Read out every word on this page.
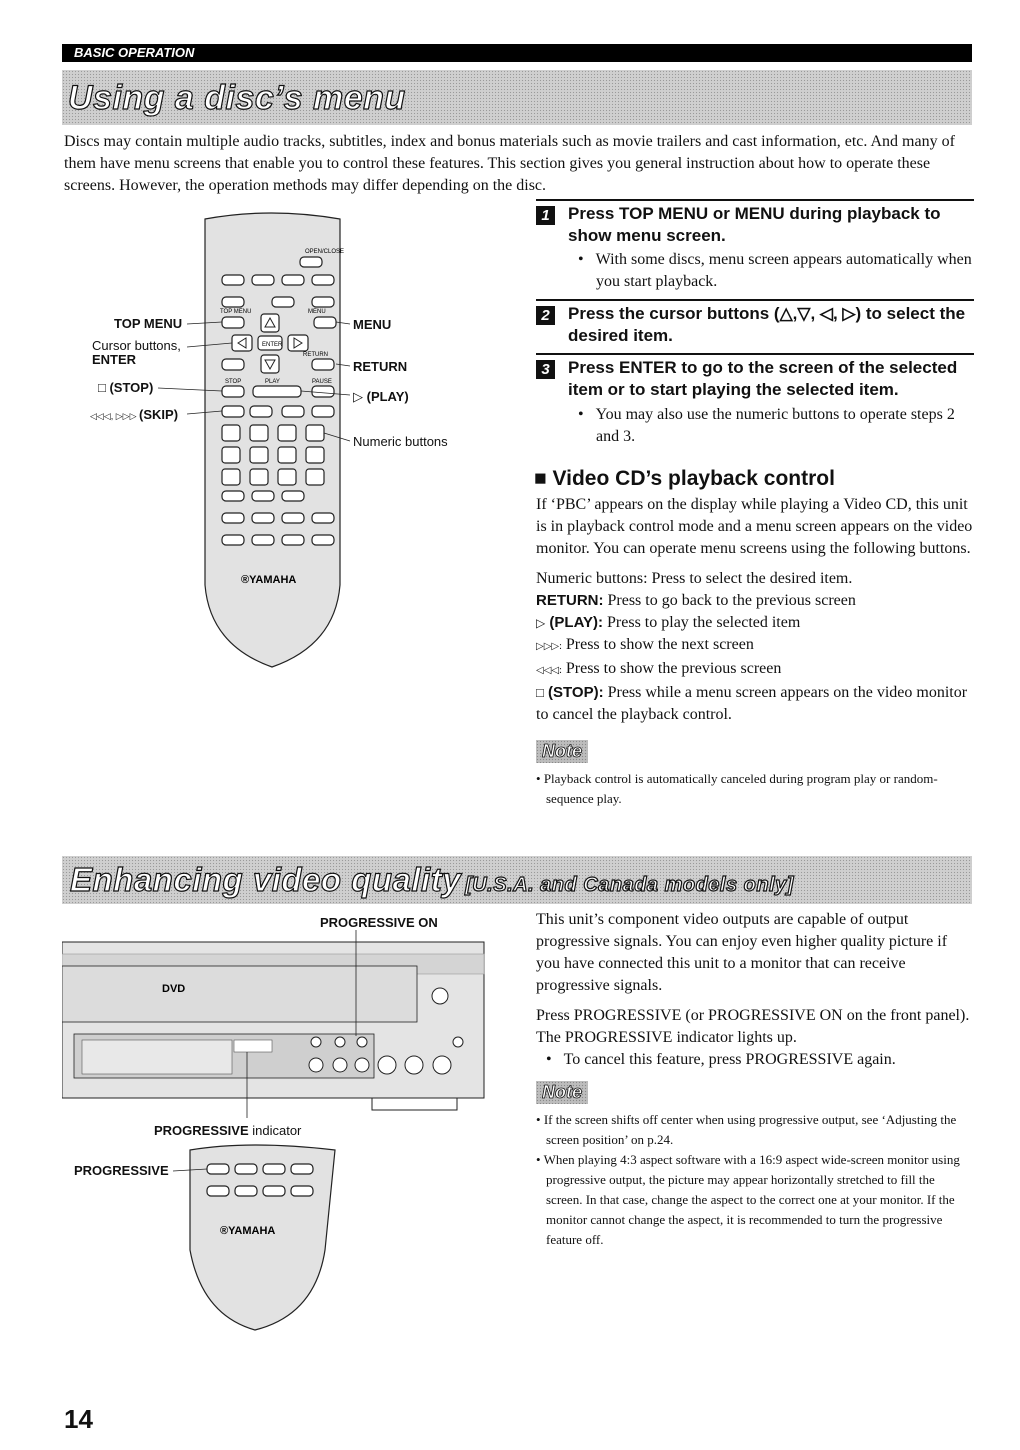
BASIC OPERATION
Using a disc’s menu
Discs may contain multiple audio tracks, subtitles, index and bonus materials such as movie trailers and cast information, etc. And many of them have menu screens that enable you to control these features. This section gives you general instruction about how to operate these screens. However, the operation methods may differ depending on the disc.
OPEN/CLOSE
TOP MENU	MENU
ENTER
RETURN
STOP	PLAY	PAUSE
®YAMAHA
TOP MENU
Cursor buttons,
ENTER
□ (STOP)
◁◁◁, ▷▷▷ (SKIP)
MENU
RETURN
▷ (PLAY)
Numeric buttons
1	Press TOP MENU or MENU during playback to show menu screen.
•   With some discs, menu screen appears automatically when you start playback.
2	Press the cursor buttons (△,▽, ◁, ▷) to select the desired item.
3	Press ENTER to go to the screen of the selected item or to start playing the selected item.
•   You may also use the numeric buttons to operate steps 2 and 3.
■ Video CD’s playback control
If ‘PBC’ appears on the display while playing a Video CD, this unit is in playback control mode and a menu screen appears on the video monitor. You can operate menu screens using the following buttons.
Numeric buttons: Press to select the desired item.
RETURN: Press to go back to the previous screen
▷ (PLAY): Press to play the selected item
▷▷▷: Press to show the next screen
◁◁◁: Press to show the previous screen
□ (STOP): Press while a menu screen appears on the video monitor to cancel the playback control.
Note
• Playback control is automatically canceled during program play or random-sequence play.
Enhancing video quality [U.S.A. and Canada models only]
PROGRESSIVE ON
DVD
PROGRESSIVE indicator
®YAMAHA
PROGRESSIVE
This unit’s component video outputs are capable of output progressive signals. You can enjoy even higher quality picture if you have connected this unit to a monitor that can receive progressive signals.
Press PROGRESSIVE (or PROGRESSIVE ON on the front panel).
The PROGRESSIVE indicator lights up.
•   To cancel this feature, press PROGRESSIVE again.
Note
• If the screen shifts off center when using progressive output, see ‘Adjusting the screen position’ on p.24.
• When playing 4:3 aspect software with a 16:9 aspect wide-screen monitor using progressive output, the picture may appear horizontally stretched to fill the screen. In that case, change the aspect to the correct one at your monitor. If the monitor cannot change the aspect, it is recommended to turn the progressive feature off.
14
